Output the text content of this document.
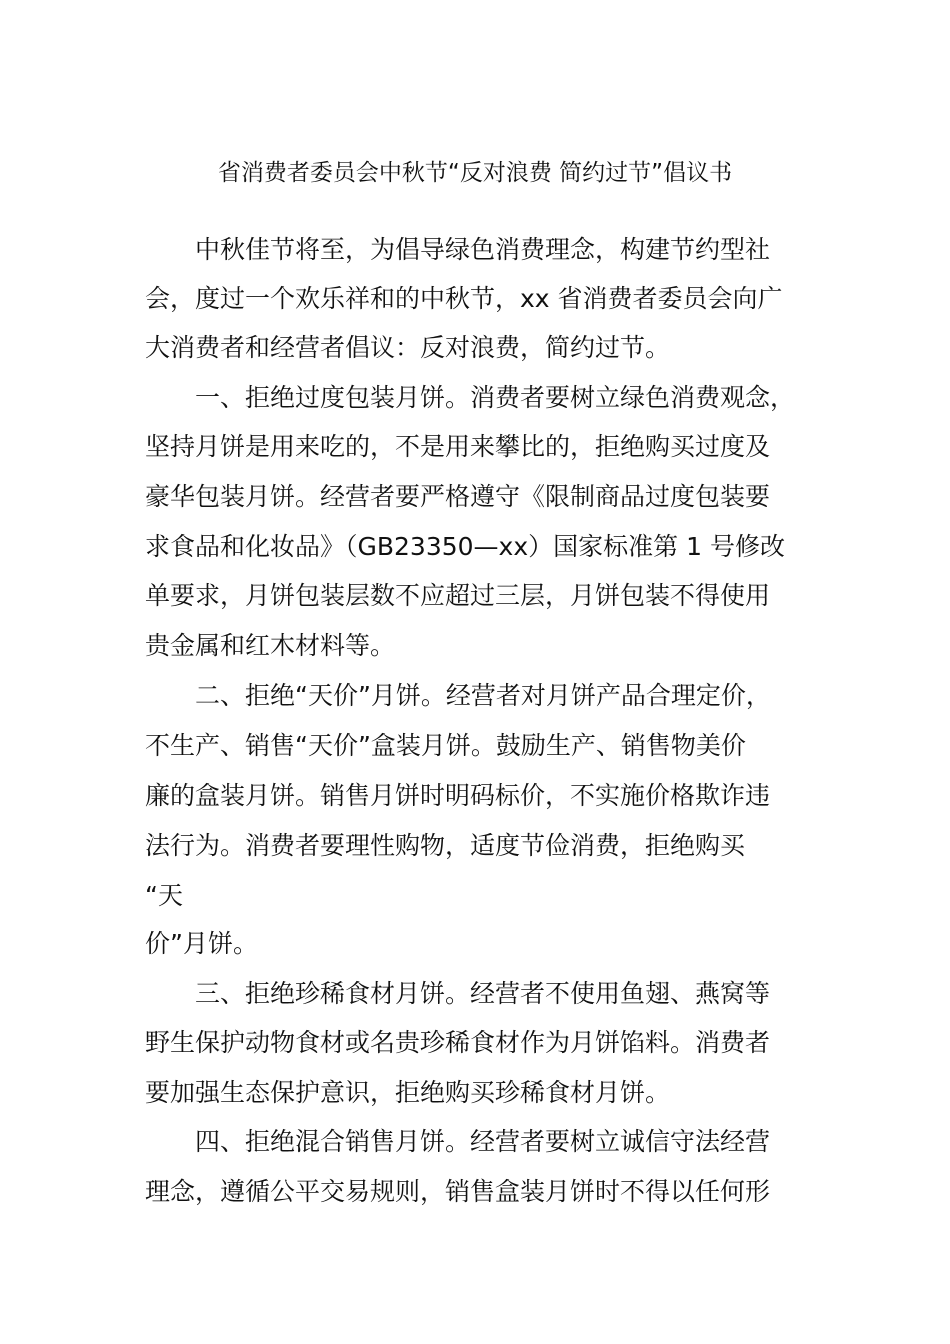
省消费者委员会中秋节“反对浪费 简约过节”倡议书
中秋佳节将至，为倡导绿色消费理念，构建节约型社
会，度过一个欢乐祥和的中秋节，xx 省消费者委员会向广
大消费者和经营者倡议：反对浪费，简约过节。
一、拒绝过度包装月饼。消费者要树立绿色消费观念，
坚持月饼是用来吃的，不是用来攀比的，拒绝购买过度及
豪华包装月饼。经营者要严格遵守《限制商品过度包装要
求食品和化妆品》（GB23350—xx）国家标准第 1 号修改
单要求，月饼包装层数不应超过三层，月饼包装不得使用
贵金属和红木材料等。
二、拒绝“天价”月饼。经营者对月饼产品合理定价，
不生产、销售“天价”盒装月饼。鼓励生产、销售物美价
廉的盒装月饼。销售月饼时明码标价，不实施价格欺诈违
法行为。消费者要理性购物，适度节俭消费，拒绝购买
“天
价”月饼。
三、拒绝珍稀食材月饼。经营者不使用鱼翅、燕窝等
野生保护动物食材或名贵珍稀食材作为月饼馅料。消费者
要加强生态保护意识，拒绝购买珍稀食材月饼。
四、拒绝混合销售月饼。经营者要树立诚信守法经营
理念，遵循公平交易规则，销售盒装月饼时不得以任何形
